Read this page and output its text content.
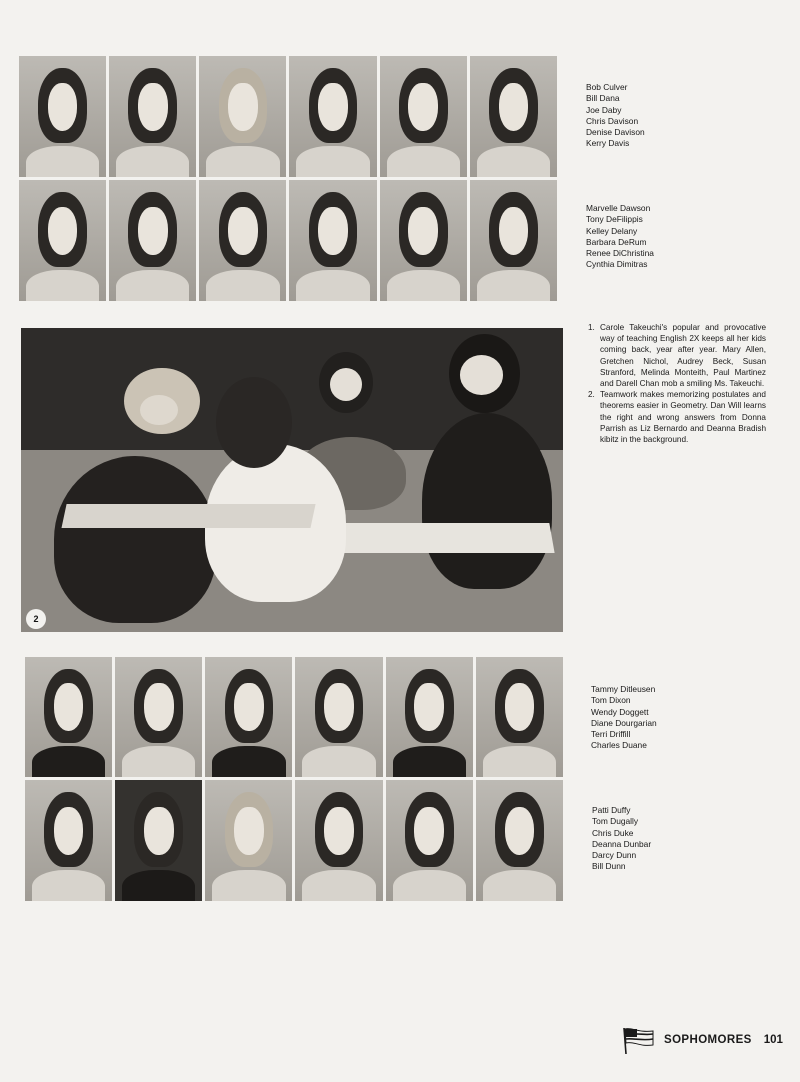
Bob Culver
Bill Dana
Joe Daby
Chris Davison
Denise Davison
Kerry Davis
Marvelle Dawson
Tony DeFilippis
Kelley Delany
Barbara DeRum
Renee DiChristina
Cynthia Dimitras
2
1. Carole Takeuchi's popular and provocative way of teaching English 2X keeps all her kids coming back, year after year. Mary Allen, Gretchen Nichol, Audrey Beck, Susan Stranford, Melinda Monteith, Paul Martinez and Darell Chan mob a smiling Ms. Takeuchi.
2. Teamwork makes memorizing postulates and theorems easier in Geometry. Dan Will learns the right and wrong answers from Donna Parrish as Liz Bernardo and Deanna Bradish kibitz in the background.
Tammy Ditleusen
Tom Dixon
Wendy Doggett
Diane Dourgarian
Terri Driffill
Charles Duane
Patti Duffy
Tom Dugally
Chris Duke
Deanna Dunbar
Darcy Dunn
Bill Dunn
SOPHOMORES 101
